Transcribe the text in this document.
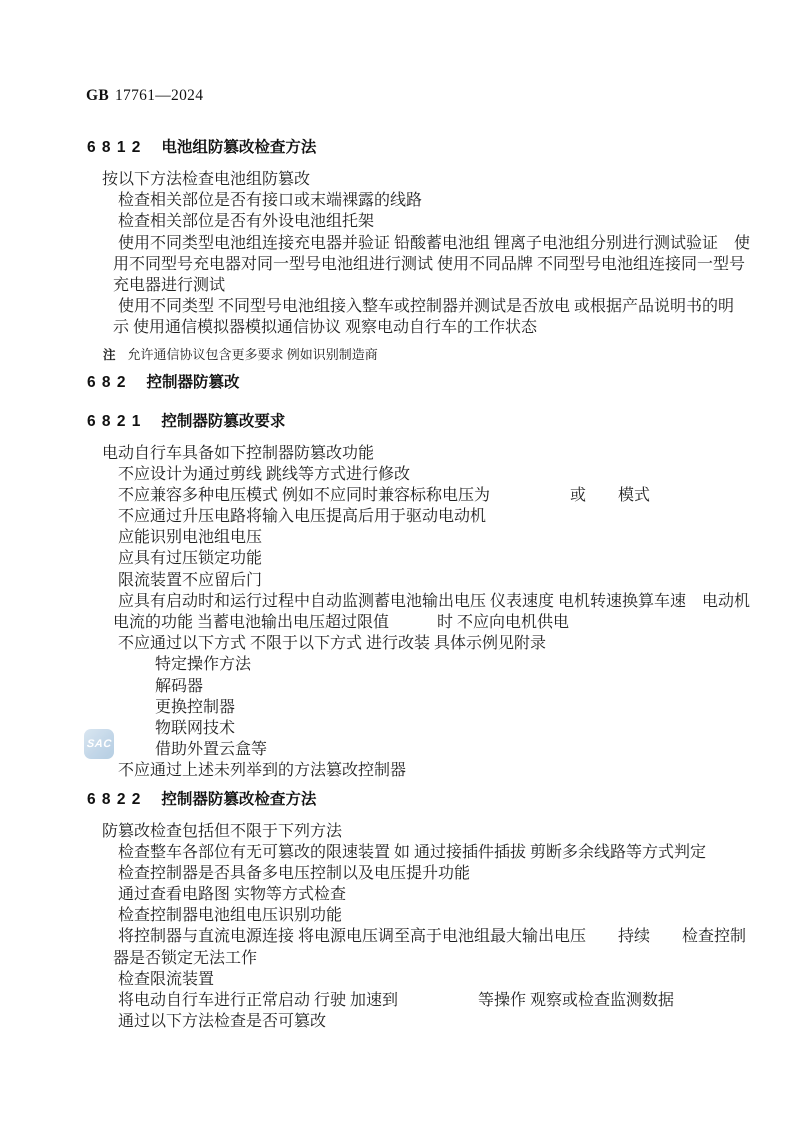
GB 17761—2024
SAC
6 8 1 2 电池组防篡改检查方法
按以下方法检查电池组防篡改
检查相关部位是否有接口或末端裸露的线路
检查相关部位是否有外设电池组托架
使用不同类型电池组连接充电器并验证 铅酸蓄电池组 锂离子电池组分别进行测试验证　使
用不同型号充电器对同一型号电池组进行测试 使用不同品牌 不同型号电池组连接同一型号
充电器进行测试
使用不同类型 不同型号电池组接入整车或控制器并测试是否放电 或根据产品说明书的明
示 使用通信模拟器模拟通信协议 观察电动自行车的工作状态
注 允许通信协议包含更多要求 例如识别制造商
6 8 2 控制器防篡改
6 8 2 1 控制器防篡改要求
电动自行车具备如下控制器防篡改功能
不应设计为通过剪线 跳线等方式进行修改
不应兼容多种电压模式 例如不应同时兼容标称电压为　　　　　或　　模式
不应通过升压电路将输入电压提高后用于驱动电动机
应能识别电池组电压
应具有过压锁定功能
限流装置不应留后门
应具有启动时和运行过程中自动监测蓄电池输出电压 仪表速度 电机转速换算车速　电动机
电流的功能 当蓄电池输出电压超过限值　　　时 不应向电机供电
不应通过以下方式 不限于以下方式 进行改装 具体示例见附录
特定操作方法
解码器
更换控制器
物联网技术
借助外置云盒等
不应通过上述未列举到的方法篡改控制器
6 8 2 2 控制器防篡改检查方法
防篡改检查包括但不限于下列方法
检查整车各部位有无可篡改的限速装置 如 通过接插件插拔 剪断多余线路等方式判定
检查控制器是否具备多电压控制以及电压提升功能
通过查看电路图 实物等方式检查
检查控制器电池组电压识别功能
将控制器与直流电源连接 将电源电压调至高于电池组最大输出电压　　持续　　检查控制
器是否锁定无法工作
检查限流装置
将电动自行车进行正常启动 行驶 加速到　　　　　等操作 观察或检查监测数据
通过以下方法检查是否可篡改
